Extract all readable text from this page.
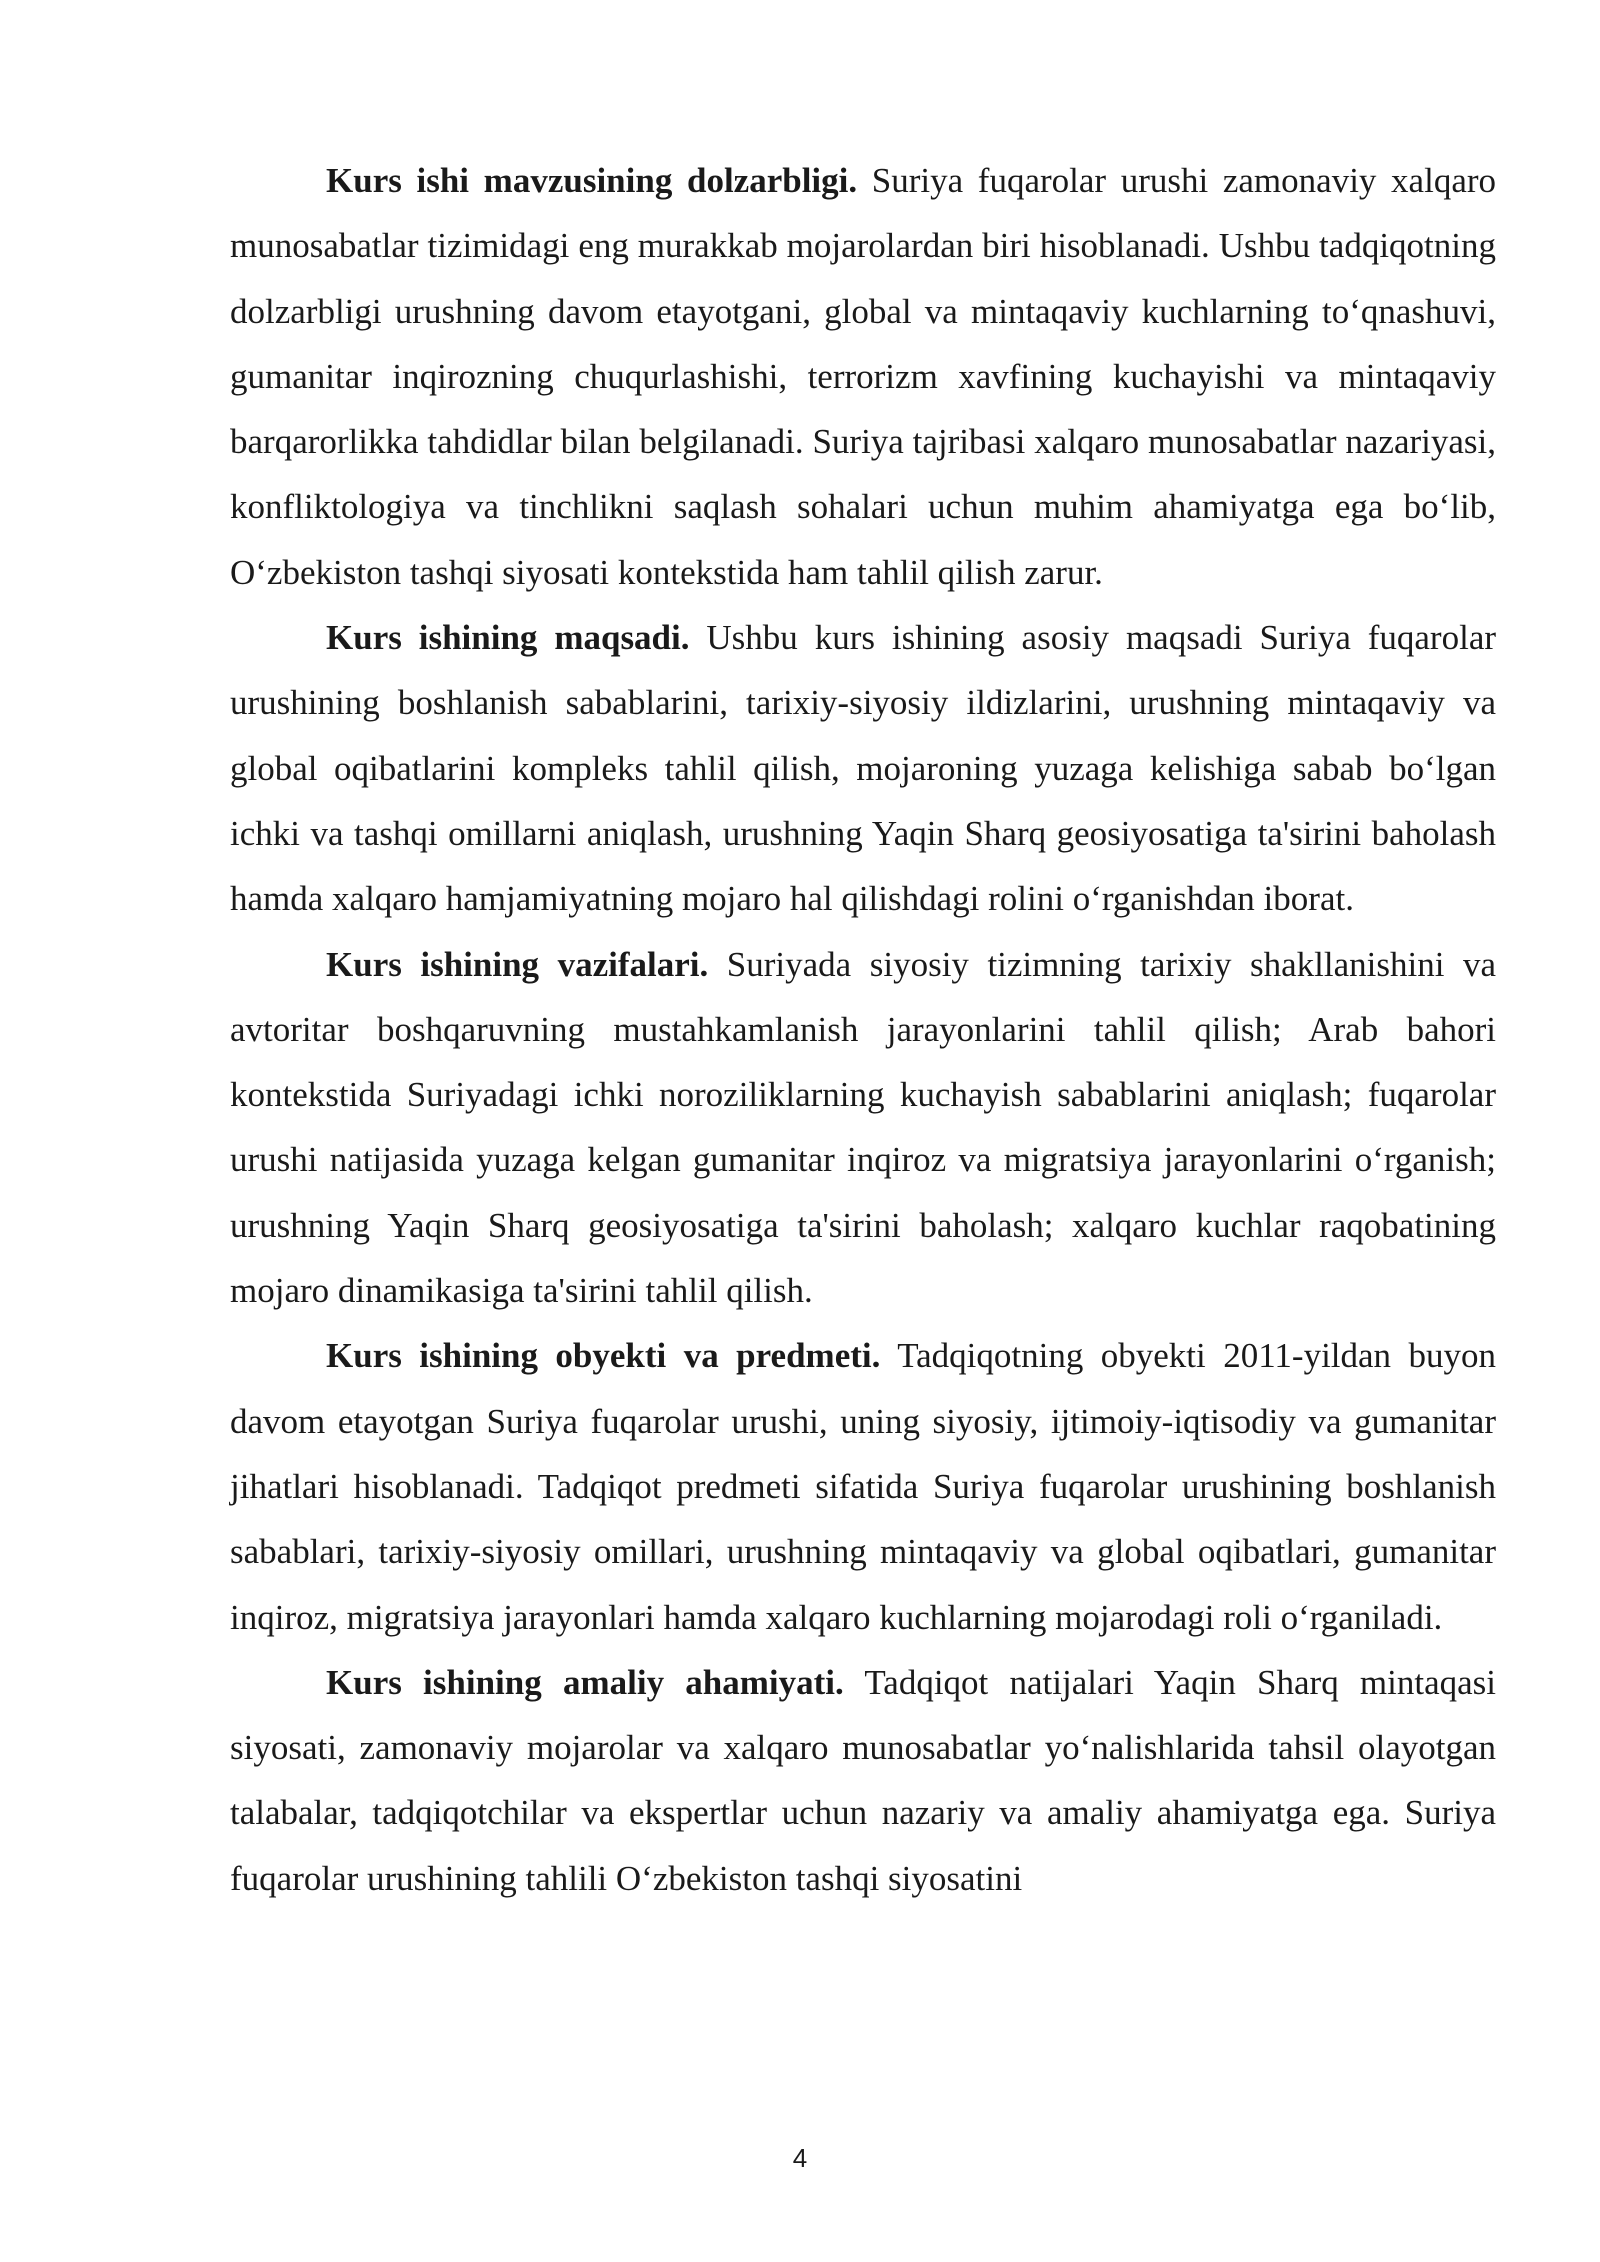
Kurs ishi mavzusining dolzarbligi. Suriya fuqarolar urushi zamonaviy xalqaro munosabatlar tizimidagi eng murakkab mojarolardan biri hisoblanadi. Ushbu tadqiqotning dolzarbligi urushning davom etayotgani, global va mintaqaviy kuchlarning to‘qnashuvi, gumanitar inqirozning chuqurlashishi, terrorizm xavfining kuchayishi va mintaqaviy barqarorlikka tahdidlar bilan belgilanadi. Suriya tajribasi xalqaro munosabatlar nazariyasi, konfliktologiya va tinchlikni saqlash sohalari uchun muhim ahamiyatga ega bo‘lib, O‘zbekiston tashqi siyosati kontekstida ham tahlil qilish zarur.

Kurs ishining maqsadi. Ushbu kurs ishining asosiy maqsadi Suriya fuqarolar urushining boshlanish sabablarini, tarixiy-siyosiy ildizlarini, urushning mintaqaviy va global oqibatlarini kompleks tahlil qilish, mojaroning yuzaga kelishiga sabab bo‘lgan ichki va tashqi omillarni aniqlash, urushning Yaqin Sharq geosiyosatiga ta'sirini baholash hamda xalqaro hamjamiyatning mojaro hal qilishdagi rolini o‘rganishdan iborat.

Kurs ishining vazifalari. Suriyada siyosiy tizimning tarixiy shakllanishini va avtoritar boshqaruvning mustahkamlanish jarayonlarini tahlil qilish; Arab bahori kontekstida Suriyadagi ichki noroziliklarning kuchayish sabablarini aniqlash; fuqarolar urushi natijasida yuzaga kelgan gumanitar inqiroz va migratsiya jarayonlarini o‘rganish; urushning Yaqin Sharq geosiyosatiga ta'sirini baholash; xalqaro kuchlar raqobatining mojaro dinamikasiga ta'sirini tahlil qilish.

Kurs ishining obyekti va predmeti. Tadqiqotning obyekti 2011-yildan buyon davom etayotgan Suriya fuqarolar urushi, uning siyosiy, ijtimoiy-iqtisodiy va gumanitar jihatlari hisoblanadi. Tadqiqot predmeti sifatida Suriya fuqarolar urushining boshlanish sabablari, tarixiy-siyosiy omillari, urushning mintaqaviy va global oqibatlari, gumanitar inqiroz, migratsiya jarayonlari hamda xalqaro kuchlarning mojarodagi roli o‘rganiladi.

Kurs ishining amaliy ahamiyati. Tadqiqot natijalari Yaqin Sharq mintaqasi siyosati, zamonaviy mojarolar va xalqaro munosabatlar yo‘nalishlarida tahsil olayotgan talabalar, tadqiqotchilar va ekspertlar uchun nazariy va amaliy ahamiyatga ega. Suriya fuqarolar urushining tahlili O‘zbekiston tashqi siyosatini

4
